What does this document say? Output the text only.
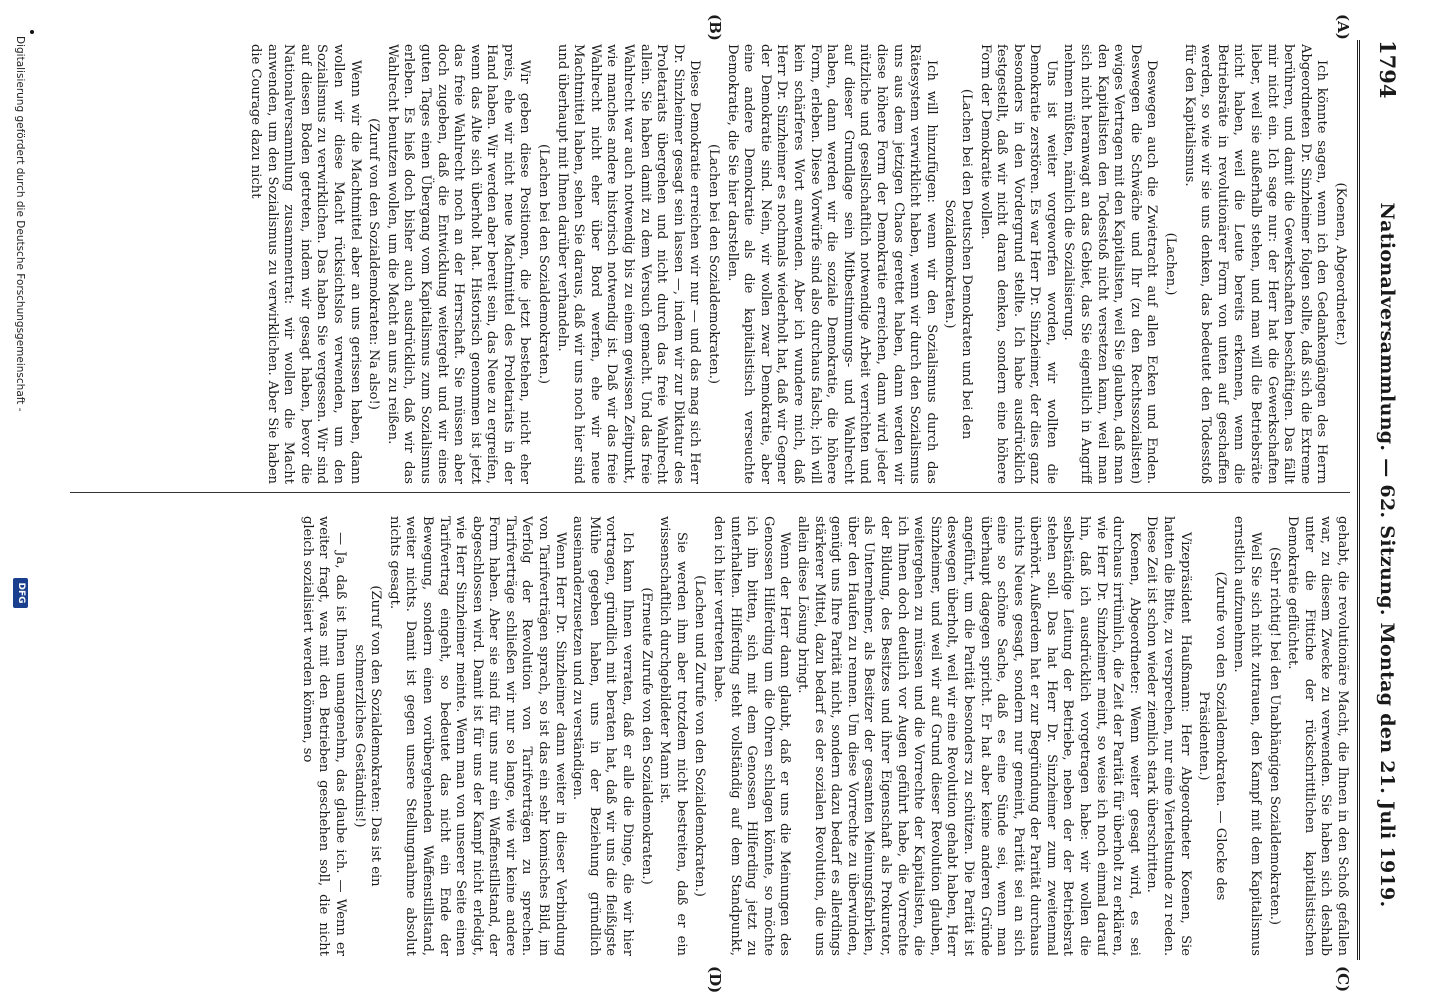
1794
Nationalversammlung. — 62. Sitzung. Montag den 21. Juli 1919.
(A)
(B)
(C)
(D)

(Koenen, Abgeordneter.)

Ich könnte sagen, wenn ich den Gedankengängen des Herrn Abgeordneten Dr. Sinzheimer folgen sollte, daß sich die Extreme berühren, und damit die Gewerkschaften beschäftigen. Das fällt mir nicht ein. Ich sage nur: der Herr hat die Gewerkschaften lieber, weil sie außerhalb stehen, und man will die Betriebsräte nicht haben, weil die Leute bereits erkennen, wenn die Betriebsräte in revolutionärer Form von unten auf geschaffen werden, so wie wir sie uns denken, das bedeutet den Todesstoß für den Kapitalismus.

(Lachen.)

Deswegen auch die Zwietracht auf allen Ecken und Enden. Deswegen die Schwäche und Ihr (zu den Rechtssozialisten) ewiges Vertragen mit den Kapitalisten, weil Sie glauben, daß man den Kapitalisten den Todesstoß nicht versetzen kann, weil man sich nicht heranwagt an das Gebiet, das Sie eigentlich in Angriff nehmen müßten, nämlich die Sozialisierung.

Uns ist weiter vorgeworfen worden, wir wollten die Demokratie zerstören. Es war Herr Dr. Sinzheimer, der dies ganz besonders in den Vordergrund stellte. Ich habe ausdrücklich festgestellt, daß wir nicht daran denken, sondern eine höhere Form der Demokratie wollen.

(Lachen bei den Deutschen Demokraten und bei den Sozialdemokraten.)

Ich will hinzufügen: wenn wir den Sozialismus durch das Rätesystem verwirklicht haben, wenn wir durch den Sozialismus uns aus dem jetzigen Chaos gerettet haben, dann werden wir diese höhere Form der Demokratie erreichen, dann wird jeder nützliche und gesellschaftlich notwendige Arbeit verrichten und auf dieser Grundlage sein Mitbestimmungs- und Wahlrecht haben, dann werden wir die soziale Demokratie, die höhere Form, erleben. Diese Vorwürfe sind also durchaus falsch; ich will kein schärferes Wort anwenden. Aber ich wundere mich, daß Herr Dr. Sinzheimer es nochmals wiederholt hat, daß wir Gegner der Demokratie sind. Nein, wir wollen zwar Demokratie, aber eine andere Demokratie als die kapitalistisch verseuchte Demokratie, die Sie hier darstellen.

(Lachen bei den Sozialdemokraten.)

Diese Demokratie erreichen wir nur — und das mag sich Herr Dr. Sinzheimer gesagt sein lassen —, indem wir zur Diktatur des Proletariats übergehen und nicht durch das freie Wahlrecht allein. Sie haben damit zu dem Versuch gemacht. Und das freie Wahlrecht war auch notwendig bis zu einem gewissen Zeitpunkt, wie manches andere historisch notwendig ist. Daß wir das freie Wahlrecht nicht eher über Bord werfen, ehe wir neue Machtmittel haben, sehen Sie daraus, daß wir uns noch hier sind und überhaupt mit Ihnen darüber verhandeln.

(Lachen bei den Sozialdemokraten.)

Wir geben diese Positionen, die jetzt bestehen, nicht eher preis, ehe wir nicht neue Machtmittel des Proletariats in der Hand haben. Wir werden aber bereit sein, das Neue zu ergreifen, wenn das Alte sich überholt hat. Historisch genommen ist jetzt das freie Wahlrecht noch an der Herrschaft. Sie müssen aber doch zugeben, daß die Entwicklung weitergeht und wir eines guten Tages einen Übergang vom Kapitalismus zum Sozialismus erleben. Es hieß doch bisher auch ausdrücklich, daß wir das Wahlrecht benutzen wollen, um die Macht an uns zu reißen.

(Zuruf von den Sozialdemokraten: Na also!)

Wenn wir die Machtmittel aber an uns gerissen haben, dann wollen wir diese Macht rücksichtslos verwenden, um den Sozialismus zu verwirklichen. Das haben Sie vergessen. Wir sind auf diesen Boden getreten, indem wir gesagt haben, bevor die Nationalversammlung zusammentrat: wir wollen die Macht anwenden, um den Sozialismus zu verwirklichen. Aber Sie haben die Courage dazu nicht

gehabt, die revolutionäre Macht, die Ihnen in den Schoß gefallen war, zu diesem Zwecke zu verwenden. Sie haben sich deshalb unter die Fittiche der rückschrittlichen kapitalistischen Demokratie geflüchtet.

(Sehr richtig! bei den Unabhängigen Sozialdemokraten.)

Weil Sie sich nicht zutrauen, den Kampf mit dem Kapitalismus ernstlich aufzunehmen.

(Zurufe von den Sozialdemokraten. — Glocke des Präsidenten.)

Vizepräsident Haußmann: Herr Abgeordneter Koenen, Sie hatten die Bitte, zu versprechen, nur eine Viertelstunde zu reden. Diese Zeit ist schon wieder ziemlich stark überschritten.

Koenen, Abgeordneter: Wenn weiter gesagt wird, es sei durchaus irrtümlich, die Zeit der Parität für überholt zu erklären, wie Herr Dr. Sinzheimer meint, so weise ich noch einmal darauf hin, daß ich ausdrücklich vorgetragen habe: wir wollen die selbständige Leitung der Betriebe, neben der der Betriebsrat stehen soll. Das hat Herr Dr. Sinzheimer zum zweitenmal überhört. Außerdem hat er zur Begründung der Parität durchaus nichts Neues gesagt, sondern nur gemeint, Parität sei an sich eine so schöne Sache, daß es eine Sünde sei, wenn man überhaupt dagegen spricht. Er hat aber keine anderen Gründe angeführt, um die Parität besonders zu schützen. Die Parität ist deswegen überholt, weil wir eine Revolution gehabt haben, Herr Sinzheimer, und weil wir auf Grund dieser Revolution glauben, weitergehen zu müssen und die Vorrechte der Kapitalisten, die ich Ihnen doch deutlich vor Augen geführt habe, die Vorrechte der Bildung, des Besitzes und ihrer Eigenschaft als Prokurator, als Unternehmer, als Besitzer der gesamten Meinungsfabriken, über den Haufen zu rennen. Um diese Vorrechte zu überwinden, genügt uns Ihre Parität nicht, sondern dazu bedarf es allerdings stärkerer Mittel, dazu bedarf es der sozialen Revolution, die uns allein diese Lösung bringt.

Wenn der Herr dann glaubt, daß er uns die Meinungen des Genossen Hilferding um die Ohren schlagen könnte, so möchte ich ihn bitten, sich mit dem Genossen Hilferding jetzt zu unterhalten. Hilferding steht vollständig auf dem Standpunkt, den ich hier vertreten habe.

(Lachen und Zurufe von den Sozialdemokraten.)

Sie werden ihm aber trotzdem nicht bestreiten, daß er ein wissenschaftlich durchgebildeter Mann ist.

(Erneute Zurufe von den Sozialdemokraten.)

Ich kann Ihnen verraten, daß er alle die Dinge, die wir hier vortragen, gründlich mit beraten hat, daß wir uns die fleißigste Mühe gegeben haben, uns in der Beziehung gründlich auseinanderzusetzen und zu verständigen.

Wenn Herr Dr. Sinzheimer dann weiter in dieser Verbindung von Tarifverträgen sprach, so ist das ein sehr komisches Bild, im Verfolg der Revolution von Tarifverträgen zu sprechen. Tarifverträge schließen wir nur so lange, wie wir keine andere Form haben. Aber sie sind für uns nur ein Waffenstillstand, der abgeschlossen wird. Damit ist für uns der Kampf nicht erledigt, wie Herr Sinzheimer meinte. Wenn man von unserer Seite einen Tarifvertrag eingeht, so bedeutet das nicht ein Ende der Bewegung, sondern einen vorübergehenden Waffenstillstand, weiter nichts. Damit ist gegen unsere Stellungnahme absolut nichts gesagt.

(Zuruf von den Sozialdemokraten: Das ist ein schmerzliches Geständnis!)

— Ja, daß ist Ihnen unangenehm, das glaube ich. — Wenn er weiter fragt, was mit den Betrieben geschehen soll, die nicht gleich sozialisiert werden können, so

Digitalisierung gefördert durch die Deutsche Forschungsgemeinschaft -
DFG
